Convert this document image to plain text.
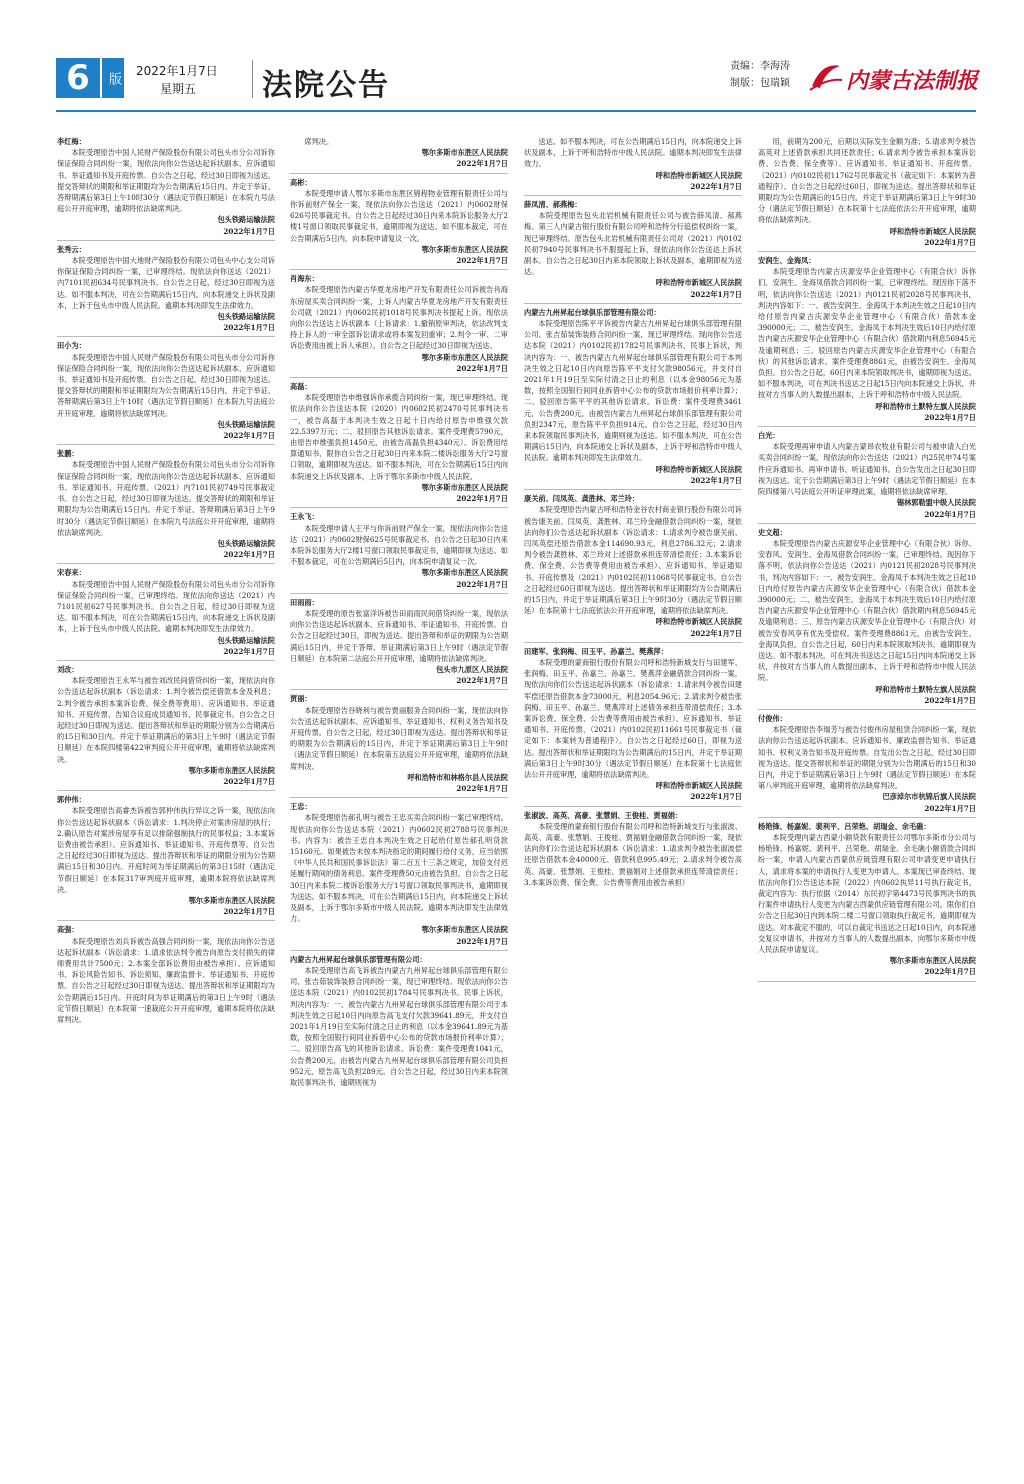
6	版 2022年1月7日
星期五 法院公告
责编：李海涛
制版：包瑞颖	内蒙古法制报

李红梅：

本院受理原告中国人民财产保险股份有限公司包头市分公司诉你保证保险合同纠纷一案，现依法向你公告送达起诉状副本、应诉通知书、举证通知书及开庭传票。自公告之日起，经过30日即视为送达。提交答辩状的期限和举证期限均为公告期满后15日内。并定于举证、答辩期满后第3日上午10时30分（遇法定节假日顺延）在本院九号法庭公开开庭审理，逾期将依法缺席判决。

包头铁路运输法院

2022年1月7日

张秀云：

本院受理原告中国大地财产保险股份有限公司包头中心支公司诉你保证保险合同纠纷一案，已审理终结。现依法向你送达（2021）内7101民初634号民事判决书。自公告之日起，经过30日即视为送达。如不服本判决，可在公告期满后15日内，向本院递交上诉状及副本，上诉于包头市中级人民法院。逾期本判决即发生法律效力。

包头铁路运输法院

2022年1月7日

田小为：

本院受理原告中国人民财产保险股份有限公司包头市分公司诉你保证保险合同纠纷一案，现依法向你公告送达起诉状副本、应诉通知书、举证通知书及开庭传票。自公告之日起，经过30日即视为送达。提交答辩状的期限和举证期限均为公告期满后15日内。并定于举证、答辩期满后第3日上午10时（遇法定节假日顺延）在本院九号法庭公开开庭审理，逾期将依法缺席判决。

包头铁路运输法院

2022年1月7日

张鹏：

本院受理原告中国人民财产保险股份有限公司包头市分公司诉你保证保险合同纠纷一案，现依法向你公告送达起诉状副本、应诉通知书、举证通知书、开庭传票、（2021）内7101民初749号民事裁定书。自公告之日起，经过30日即视为送达。提交答辩状的期限和举证期限均为公告期满后15日内。并定于举证、答辩期满后第3日上午9时30分（遇法定节假日顺延）在本院九号法庭公开开庭审理，逾期将依法缺席判决。

包头铁路运输法院

2022年1月7日

宋春来：

本院受理原告中国人民财产保险股份有限公司包头市分公司诉你保证保险合同纠纷一案，已审理终结。现依法向你送达（2021）内7101民初627号民事判决书。自公告之日起，经过30日即视为送达。如不服本判决，可在公告期满后15日内，向本院递交上诉状及副本，上诉于包头市中级人民法院。逾期本判决即发生法律效力。

包头铁路运输法院

2022年1月7日

刘改：

本院受理原告王永军与被告刘改民间借贷纠纷一案，现依法向你公告送达起诉状副本（诉讼请求：1.判令被告偿还借款本金及利息；2.判令被告承担本案诉讼费、保全费等费用）、应诉通知书、举证通知书、开庭传票、告知合议庭成员通知书、民事裁定书。自公告之日起经过30日即视为送达。提出答辩状和举证的期限分别为公告期满后的15日和30日内。并定于举证期满后的第3日上午9时（遇法定节假日顺延）在本院四楼第422审判庭公开开庭审理，逾期将依法缺席判决。

鄂尔多斯市东胜区人民法院

2022年1月7日

郭仲伟：

本院受理原告高睿杰诉被告郭仲伟执行异议之诉一案，现依法向你公告送达起诉状副本（诉讼请求：1.判决停止对案涉房屋的执行；2.确认原告对案涉房屋享有足以排除强制执行的民事权益；3.本案诉讼费由被告承担）、应诉通知书、举证通知书、开庭传票等。自公告之日起经过30日即视为送达。提出答辩状和举证的期限分别为公告期满后15日和30日内。开庭时间为举证期满后的第3日15时（遇法定节假日顺延）在本院317审判庭开庭审理，逾期本院将依法缺席判决。

鄂尔多斯市东胜区人民法院

2022年1月7日

高强：

本院受理原告刘兵诉被告高强合同纠纷一案，现依法向你公告送达起诉状副本（诉讼请求：1.请求依法判令被告向原告支付损失的律师费用共计7500元；2.本案全部诉讼费用由被告承担）、应诉通知书、诉讼风险告知书、诉讼须知、廉政监督卡、举证通知书、开庭传票。自公告之日起经过30日即视为送达。提出答辩状和举证期限均为公告期满后15日内。开庭时间为举证期满后的第3日上午9时（遇法定节假日顺延）在本院第一速裁庭公开开庭审理，逾期本院将依法缺席判决。

席判决。

鄂尔多斯市东胜区人民法院

2022年1月7日

高彬：

本院受理申请人鄂尔多斯市东胜区锦程物业管理有限责任公司与你诉前财产保全一案，现依法向你公告送达（2021）内0602财保626号民事裁定书。自公告之日起经过30日内来本院诉讼服务大厅2楼1号窗口领取民事裁定书，逾期即视为送达。如不服本裁定，可在公告期满后5日内，向本院申请复议一次。

鄂尔多斯市东胜区人民法院

2022年1月7日

肖海东：

本院受理原告内蒙古华夏龙房地产开发有限责任公司诉被告肖海东房屋买卖合同纠纷一案，上诉人内蒙古华夏龙房地产开发有限责任公司就（2021）内0602民初1018号民事判决书提起上诉。现依法向你公告送达上诉状副本（上诉请求：1.撤销原审判决，依法改判支持上诉人的一审全部诉讼请求或将本案发回重审；2.判令一审、二审诉讼费用由被上诉人承担）。自公告之日起经过30日即视为送达。

鄂尔多斯市东胜区人民法院

2022年1月7日

高磊：

本院受理原告申维强诉你承揽合同纠纷一案，现已审理终结。现依法向你公告送达本院（2020）内0602民初2470号民事判决书一，被告高磊于本判决生效之日起十日内给付原告申维强欠款22.5397万元；二、驳回原告其他诉讼请求。案件受理费5790元，由原告申维强负担1450元，由被告高磊负担4340元）。诉讼费用结算通知书、限你自公告之日起30日内来本院二楼诉讼服务大厅2号窗口领取，逾期即视为送达。如不服本判决，可在公告期满后15日内向本院递交上诉状及副本，上诉于鄂尔多斯市中级人民法院。

鄂尔多斯市东胜区人民法院

2022年1月7日

王永飞：

本院受理申请人王平与你诉前财产保全一案，现依法向你公告送达（2021）内0602财保625号民事裁定书。自公告之日起30日内来本院诉讼服务大厅2楼1号窗口领取民事裁定书，逾期即视为送达。如不服本裁定，可在公告期满后5日内，向本院申请复议一次。

鄂尔多斯市东胜区人民法院

2022年1月7日

田雨雨：

本院受理的原告张富洋诉被告田雨雨民间借贷纠纷一案，现依法向你公告送达起诉状副本、应诉通知书、举证通知书、开庭传票。自公告之日起经过30日，即视为送达。提出答辩和举证的期限为公告期满后15日内，并定于答辩、举证期满后第3日上午9时（遇法定节假日顺延）在本院第二法庭公开开庭审理，逾期将依法缺席判决。

包头市九原区人民法院

2022年1月7日

贾丽：

本院受理原告谷晓利与被告贾丽服务合同纠纷一案，现依法向你公告送达起诉状副本、应诉通知书、举证通知书、权利义务告知书及开庭传票。自公告之日起，经过30日即视为送达。提出答辩状和举证的期限为公告期满后的15日内，并定于举证期满后第3日上午9时（遇法定节假日顺延）在本院第五法庭公开开庭审理，逾期将依法缺席判决。

呼和浩特市和林格尔县人民法院

2022年1月7日

王忠：

本院受理原告郝孔明与被告王忠买卖合同纠纷一案已审理终结。现依法向你公告送达本院（2021）内0602民初2788号民事判决书。内容为：被告王忠自本判决生效之日起给付原告郝孔明货款15160元。如果被告未按本判决指定的期间履行给付义务，应当依照《中华人民共和国民事诉讼法》第二百五十三条之规定，加倍支付迟延履行期间的债务利息。案件受理费50元由被告负担。自公告之日起30日内来本院二楼诉讼服务大厅1号窗口领取民事判决书，逾期即视为送达。如不服本判决，可在公告期满后15日内，向本院递交上诉状及副本，上诉于鄂尔多斯市中级人民法院。逾期本判决即发生法律效力。

鄂尔多斯市东胜区人民法院

2022年1月7日

内蒙古九州昇起台球俱乐部管理有限公司：

本院受理原告高飞诉被告内蒙古九州昇起台球俱乐部管理有限公司、张吉茹装饰装修合同纠纷一案，现已审理终结。现依法向你公告送达本院（2021）内0102民初1784号民事判决书。民事上诉状，判决内容为：一、被告内蒙古九州昇起台球俱乐部管理有限公司于本判决生效之日起10日内向原告高飞支付欠款39641.89元，并支付自2021年1月19日至实际付清之日止的利息（以本金39641.89元为基数，按照全国银行间同业拆借中心公布的贷款市场报价利率计算）；二、驳回原告高飞的其他诉讼请求。诉讼费：案件受理费1041元，公告费200元，由被告内蒙古九州昇起台球俱乐部管理有限公司负担952元，原告高飞负担289元。自公告之日起，经过30日内来本院领取民事判决书，逾期则视为

送达。如不服本判决，可在公告期满后15日内，向本院递交上诉状及副本，上诉于呼和浩特市中级人民法院。逾期本判决即发生法律效力。

呼和浩特市新城区人民法院

2022年1月7日

薛凤清、郝燕梅：

本院受理原告包头北岩机械有限责任公司与被告薛凤清、郝燕梅、第三人内蒙古银行股份有限公司呼和浩特分行追偿权纠纷一案，现已审理终结。原告包头北岩机械有限责任公司对（2021）内0102民初7940号民事判决书不服提起上诉，现依法向你公告送达上诉状副本。自公告之日起30日内来本院领取上诉状及副本，逾期即视为送达。

呼和浩特市新城区人民法院

2022年1月7日

内蒙古九州昇起台球俱乐部管理有限公司：

本院受理原告陈平平诉被告内蒙古九州昇起台球俱乐部管理有限公司、张吉茹装饰装修合同纠纷一案，现已审理终结。现向你公告送达本院（2021）内0102民初1782号民事判决书、民事上诉状，判决内容为：一、被告内蒙古九州昇起台球俱乐部管理有限公司于本判决生效之日起10日内向原告陈平平支付欠款98056元，并支付自2021年1月19日至实际付清之日止的利息（以本金98056元为基数，按照全国银行间同业拆借中心公布的贷款市场报价利率计算）；二、驳回原告陈平平的其他诉讼请求。诉讼费：案件受理费3461元，公告费200元，由被告内蒙古九州昇起台球俱乐部管理有限公司负担2347元，原告陈平平负担914元。自公告之日起，经过30日内来本院领取民事判决书，逾期则视为送达。如不服本判决，可在公告期满后15日内，向本院递交上诉状及副本，上诉于呼和浩特市中级人民法院。逾期本判决即发生法律效力。

呼和浩特市新城区人民法院

2022年1月7日

康关前、闫凤英、龚胜林、邓兰玲：

本院受理原告内蒙古呼和浩特金谷农村商业银行股份有限公司诉被告康关前、闫凤英、龚胜林、邓兰玲金融借款合同纠纷一案，现依法向你们公告送达起诉状副本（诉讼请求：1.请求判令被告康关前、闫凤英偿还原告借款本金114690.93元、利息2786.32元；2.请求判令被告龚胜林、邓兰玲对上述借款承担连带清偿责任；3.本案诉讼费、保全费、公告费等费用由被告承担）、应诉通知书、举证通知书、开庭传票及（2021）内0102民初11068号民事裁定书。自公告之日起经过60日即视为送达。提出答辩状和举证期限均为公告期满后的15日内，并定于举证期满后第3日上午9时30分（遇法定节假日顺延）在本院第十七法庭依法公开开庭审理，逾期将依法缺席判决。

呼和浩特市新城区人民法院

2022年1月7日

田建军、张润梅、田玉平、孙嘉兰、樊燕萍：

本院受理的蒙商银行股份有限公司呼和浩特新城支行与田建军、张润梅、田玉平、孙嘉兰、孙嘉兰、樊燕萍金融借款合同纠纷一案，现依法向你们公告送达起诉状副本（诉讼请求：1.请求判令被告田建军偿还原告借款本金73000元、利息2054.96元；2.请求判令被告张润梅、田玉平、孙嘉兰、樊燕萍对上述债务承担连带清偿责任；3.本案诉讼费、保全费、公告费等费用由被告承担）、应诉通知书、举证通知书、开庭传票、（2021）内0102民初11661号民事裁定书（裁定如下：本案转为普通程序）。自公告之日起经过60日，即视为送达。提出答辩状和举证期限均为公告期满后的15日内，并定于举证期满后第3日上午9时30分（遇法定节假日顺延）在本院第十七法庭依法公开开庭审理，逾期将依法缺席判决。

呼和浩特市新城区人民法院

2022年1月7日

张淑波、高英、高豪、张慧娟、王俊桂、贾福娟：

本院受理的蒙商银行股份有限公司呼和浩特新城支行与张淑波、高英、高豪、张慧娟、王俊桂、贾福娟金融借款合同纠纷一案，现依法向你们公告送达起诉状副本（诉讼请求：1.请求判令被告张淑波偿还原告借款本金40000元、借款利息995.49元；2.请求判令被告高英、高豪、张慧娟、王俊桂、贾福娟对上述借款承担连带清偿责任；3.本案诉讼费、保全费、公告费等费用由被告承担）

用，前期为200元，后期以实际发生金额为准；5.请求判令被告高英对上述借款承担共同还款责任；6.请求判令被告承担本案诉讼费、公告费、保全费等）、应诉通知书、举证通知书、开庭传票、（2021）内0102民初11762号民事裁定书（裁定如下：本案转为普通程序）。自公告之日起经过60日，即视为送达。提出答辩状和举证期限均为公告期满后的15日内，并定于举证期满后第3日上午9时30分（遇法定节假日顺延）在本院第十七法庭依法公开开庭审理，逾期将依法缺席判决。

呼和浩特市新城区人民法院

2022年1月7日

安润生、金海凤：

本院受理原告内蒙古庆源安华企业管理中心（有限合伙）诉你们、安润生、金海凤借款合同纠纷一案，已审理终结。现因你下落不明，依法向你公告送达（2021）内0121民初2028号民事判决书，判决内容如下：一、被告安润生、金海凤于本判决生效之日起10日内给付原告内蒙古庆源安华企业管理中心（有限合伙）借款本金390000元；二、被告安润生、金海凤于本判决生效后10日内给付原告内蒙古庆源安华企业管理中心（有限合伙）借款期内利息56945元及逾期利息；三、驳回原告内蒙古庆源安华企业管理中心（有限合伙）的其他诉讼请求。案件受理费8861元，由被告安润生、金海凤负担。自公告之日起，60日内来本院领取判决书，逾期即视为送达。如不服本判决，可在判决书送达之日起15日内向本院递交上诉状，并按对方当事人的人数提出副本，上诉于呼和浩特市中级人民法院。

呼和浩特市土默特左旗人民法院

2022年1月7日

白光：

本院受理再审申请人内蒙古蒙昂农牧业有限公司与被申请人白光买卖合同纠纷一案，现依法向你公告送达（2021）内25民申74号案件应诉通知书、再审申请书、听证通知书。自公告发出之日起30日即视为送达。定于公告期满后第3日上午9时（遇法定节假日顺延）在本院四楼第八号法庭公开听证审理此案，逾期将依法缺席审理。

锡林郭勒盟中级人民法院

2022年1月7日

史文超：

本院受理原告内蒙古庆源安华企业管理中心（有限合伙）诉你、安春风、安润生、金海凤借款合同纠纷一案，已审理终结。现因你下落不明，依法向你公告送达（2021）内0121民初2028号民事判决书，判决内容如下：一、被告安润生、金海凤于本判决生效之日起10日内给付原告内蒙古庆源安华企业管理中心（有限合伙）借款本金390000元；二、被告安润生、金海凤于本判决生效后10日内给付原告内蒙古庆源安华企业管理中心（有限合伙）借款期内利息56945元及逾期利息；三、原告内蒙古庆源安华企业管理中心（有限合伙）对被告安春风享有优先受偿权。案件受理费8861元，由被告安润生、金海凤负担。自公告之日起，60日内来本院领取判决书，逾期即视为送达。如不服本判决，可在判决书送达之日起15日内向本院递交上诉状，并按对方当事人的人数提出副本，上诉于呼和浩特市中级人民法院。

呼和浩特市土默特左旗人民法院

2022年1月7日

付俊伟：

本院受理原告李瑞芳与被告付俊伟房屋租赁合同纠纷一案，现依法向你公告送达起诉状副本、应诉通知书、廉政监督告知书、举证通知书、权利义务告知书及开庭传票。自发出公告之日起，经过30日即视为送达。提交答辩状和举证的期限分别为公告期满后的15日和30日内，并定于举证期满后第3日上午9时（遇法定节假日顺延）在本院第八审判庭开庭审理，逾期将依法缺席判决。

巴彦淖尔市杭锦后旗人民法院

2022年1月7日

杨艳锋、杨嘉妮、裴利平、吕荣艳、胡瑞金、余毛礁：

本院受理内蒙古西蒙小额贷款有限责任公司鄂尔多斯市分公司与杨艳锋、杨嘉妮、裴利平、吕荣艳、胡瑞金、余毛礁小额借款合同纠纷一案，申请人内蒙古西蒙供应链管理有限公司申请变更申请执行人，请求将本案的申请执行人变更为申请人。本案现已审查终结。现依法向你们公告送达本院（2022）内0602执异11号执行裁定书，裁定内容为：执行依据（2014）东民初字第4473号民事判决书的执行案件申请执行人变更为内蒙古西蒙供应链管理有限公司。限你们自公告之日起30日内到本院二楼二号窗口领取执行裁定书，逾期即视为送达。对本裁定不服的，可以自裁定书送达之日起10日内，向本院递交复议申请书，并按对方当事人的人数提出副本，向鄂尔多斯市中级人民法院申请复议。

鄂尔多斯市东胜区人民法院

2022年1月7日
